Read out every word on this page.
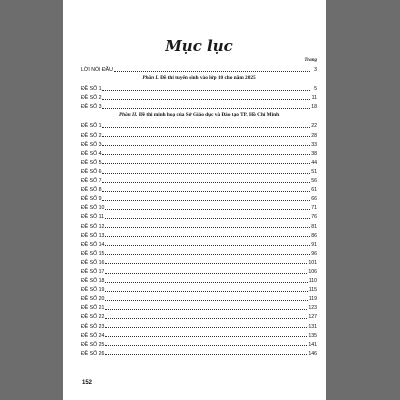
Mục lục
Trang
LỜI NÓI ĐẦU	3
Phần I. Đề thi tuyển sinh vào lớp 10 cho năm 2025
ĐỀ SỐ 1	5
ĐỀ SỐ 2	11
ĐỀ SỐ 3	18
Phần II. Đề thi minh hoạ của Sở Giáo dục và Đào tạo TP. Hồ Chí Minh
ĐỀ SỐ 1	22
ĐỀ SỐ 2	28
ĐỀ SỐ 3	33
ĐỀ SỐ 4	38
ĐỀ SỐ 5	44
ĐỀ SỐ 6	51
ĐỀ SỐ 7	56
ĐỀ SỐ 8	61
ĐỀ SỐ 9	66
ĐỀ SỐ 10	71
ĐỀ SỐ 11	76
ĐỀ SỐ 12	81
ĐỀ SỐ 13	86
ĐỀ SỐ 14	91
ĐỀ SỐ 15	96
ĐỀ SỐ 16	101
ĐỀ SỐ 17	106
ĐỀ SỐ 18	110
ĐỀ SỐ 19	115
ĐỀ SỐ 20	119
ĐỀ SỐ 21	123
ĐỀ SỐ 22	127
ĐỀ SỐ 23	131
ĐỀ SỐ 24	135
ĐỀ SỐ 25	141
ĐỀ SỐ 26	146
152
